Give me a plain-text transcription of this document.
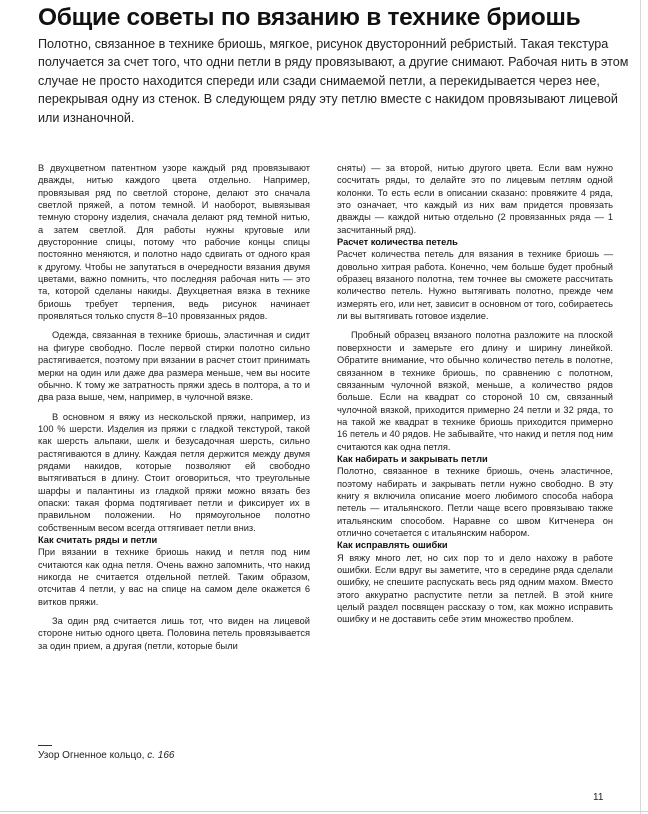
Общие советы по вязанию в технике бриошь

Полотно, связанное в технике бриошь, мягкое, рисунок двусторонний ребристый. Такая текстура получается за счет того, что одни петли в ряду провязывают, а другие снимают. Рабочая нить в этом случае не просто находится спереди или сзади снимаемой петли, а перекидывается через нее, перекрывая одну из стенок. В следующем ряду эту петлю вместе с накидом провязывают лицевой или изнаночной.

В двухцветном патентном узоре каждый ряд провязывают дважды, нитью каждого цвета отдельно. Например, провязывая ряд по светлой стороне, делают это сначала светлой пряжей, а потом темной. И наоборот, вывязывая темную сторону изделия, сначала делают ряд темной нитью, а затем светлой. Для работы нужны круговые или двусторонние спицы, потому что рабочие концы спицы постоянно меняются, и полотно надо сдвигать от одного края к другому. Чтобы не запутаться в очередности вязания двумя цветами, важно помнить, что последняя рабочая нить — это та, которой сделаны накиды. Двухцветная вязка в технике бриошь требует терпения, ведь рисунок начинает проявляться только спустя 8–10 провязанных рядов.

Одежда, связанная в технике бриошь, эластичная и сидит на фигуре свободно. После первой стирки полотно сильно растягивается, поэтому при вязании в расчет стоит принимать мерки на один или даже два размера меньше, чем вы носите обычно. К тому же затратность пряжи здесь в полтора, а то и два раза выше, чем, например, в чулочной вязке.

В основном я вяжу из нескольской пряжи, например, из 100 % шерсти. Изделия из пряжи с гладкой текстурой, такой как шерсть альпаки, шелк и безусадочная шерсть, сильно растягиваются в длину. Каждая петля держится между двумя рядами накидов, которые позволяют ей свободно вытягиваться в длину. Стоит оговориться, что треугольные шарфы и палантины из гладкой пряжи можно вязать без опаски: такая форма подтягивает петли и фиксирует их в правильном положении. Но прямоугольное полотно собственным весом всегда оттягивает петли вниз.

Как считать ряды и петли

При вязании в технике бриошь накид и петля под ним считаются как одна петля. Очень важно запомнить, что накид никогда не считается отдельной петлей. Таким образом, отсчитав 4 петли, у вас на спице на самом деле окажется 6 витков пряжи.

За один ряд считается лишь тот, что виден на лицевой стороне нитью одного цвета. Половина петель провязывается за один прием, а другая (петли, которые были

сняты) — за второй, нитью другого цвета. Если вам нужно сосчитать ряды, то делайте это по лицевым петлям одной колонки. То есть если в описании сказано: провяжите 4 ряда, это означает, что каждый из них вам придется провязать дважды — каждой нитью отдельно (2 провязанных ряда — 1 засчитанный ряд).

Расчет количества петель

Расчет количества петель для вязания в технике бриошь — довольно хитрая работа. Конечно, чем больше будет пробный образец вязаного полотна, тем точнее вы сможете рассчитать количество петель. Нужно вытягивать полотно, прежде чем измерять его, или нет, зависит в основном от того, собираетесь ли вы вытягивать готовое изделие.

Пробный образец вязаного полотна разложите на плоской поверхности и замерьте его длину и ширину линейкой. Обратите внимание, что обычно количество петель в полотне, связанном в технике бриошь, по сравнению с полотном, связанным чулочной вязкой, меньше, а количество рядов больше. Если на квадрат со стороной 10 см, связанный чулочной вязкой, приходится примерно 24 петли и 32 ряда, то на такой же квадрат в технике бриошь приходится примерно 16 петель и 40 рядов. Не забывайте, что накид и петля под ним считаются как одна петля.

Как набирать и закрывать петли

Полотно, связанное в технике бриошь, очень эластичное, поэтому набирать и закрывать петли нужно свободно. В эту книгу я включила описание моего любимого способа набора петель — итальянского. Петли чаще всего провязываю также итальянским способом. Наравне со швом Китченера он отлично сочетается с итальянским набором.

Как исправлять ошибки

Я вяжу много лет, но сих пор то и дело нахожу в работе ошибки. Если вдруг вы заметите, что в середине ряда сделали ошибку, не спешите распускать весь ряд одним махом. Вместо этого аккуратно распустите петли за петлей. В этой книге целый раздел посвящен рассказу о том, как можно исправить ошибку и не доставить себе этим множество проблем.

Узор Огненное кольцо, с. 166
11
